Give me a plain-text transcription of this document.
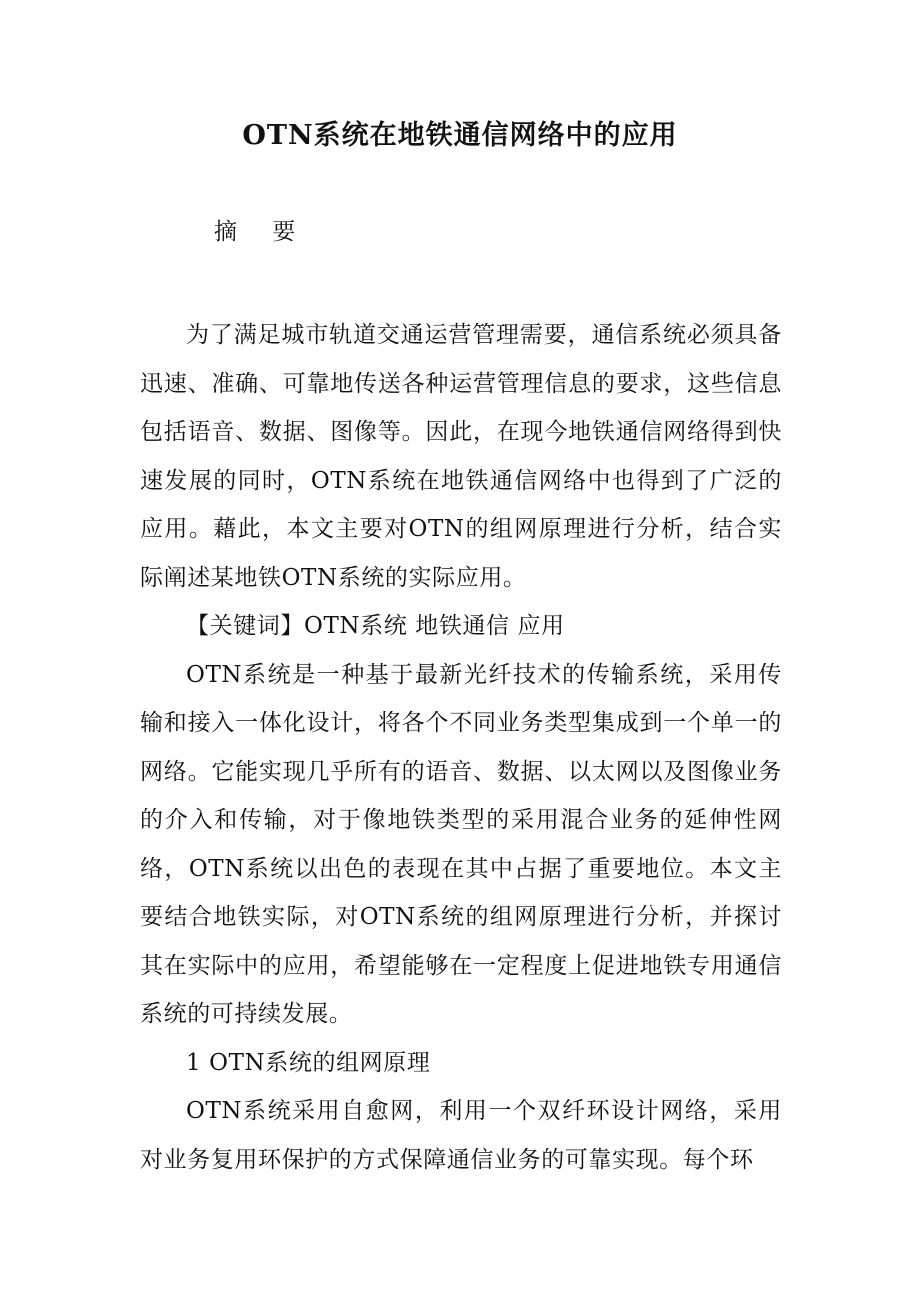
OTN系统在地铁通信网络中的应用
摘 要

为了满足城市轨道交通运营管理需要，通信系统必须具备迅速、准确、可靠地传送各种运营管理信息的要求，这些信息包括语音、数据、图像等。因此，在现今地铁通信网络得到快速发展的同时，OTN系统在地铁通信网络中也得到了广泛的应用。藉此，本文主要对OTN的组网原理进行分析，结合实际阐述某地铁OTN系统的实际应用。

【关键词】OTN系统 地铁通信 应用

OTN系统是一种基于最新光纤技术的传输系统，采用传输和接入一体化设计，将各个不同业务类型集成到一个单一的网络。它能实现几乎所有的语音、数据、以太网以及图像业务的介入和传输，对于像地铁类型的采用混合业务的延伸性网络，OTN系统以出色的表现在其中占据了重要地位。本文主要结合地铁实际，对OTN系统的组网原理进行分析，并探讨其在实际中的应用，希望能够在一定程度上促进地铁专用通信系统的可持续发展。

1 OTN系统的组网原理

OTN系统采用自愈网，利用一个双纤环设计网络，采用对业务复用环保护的方式保障通信业务的可靠实现。每个环
